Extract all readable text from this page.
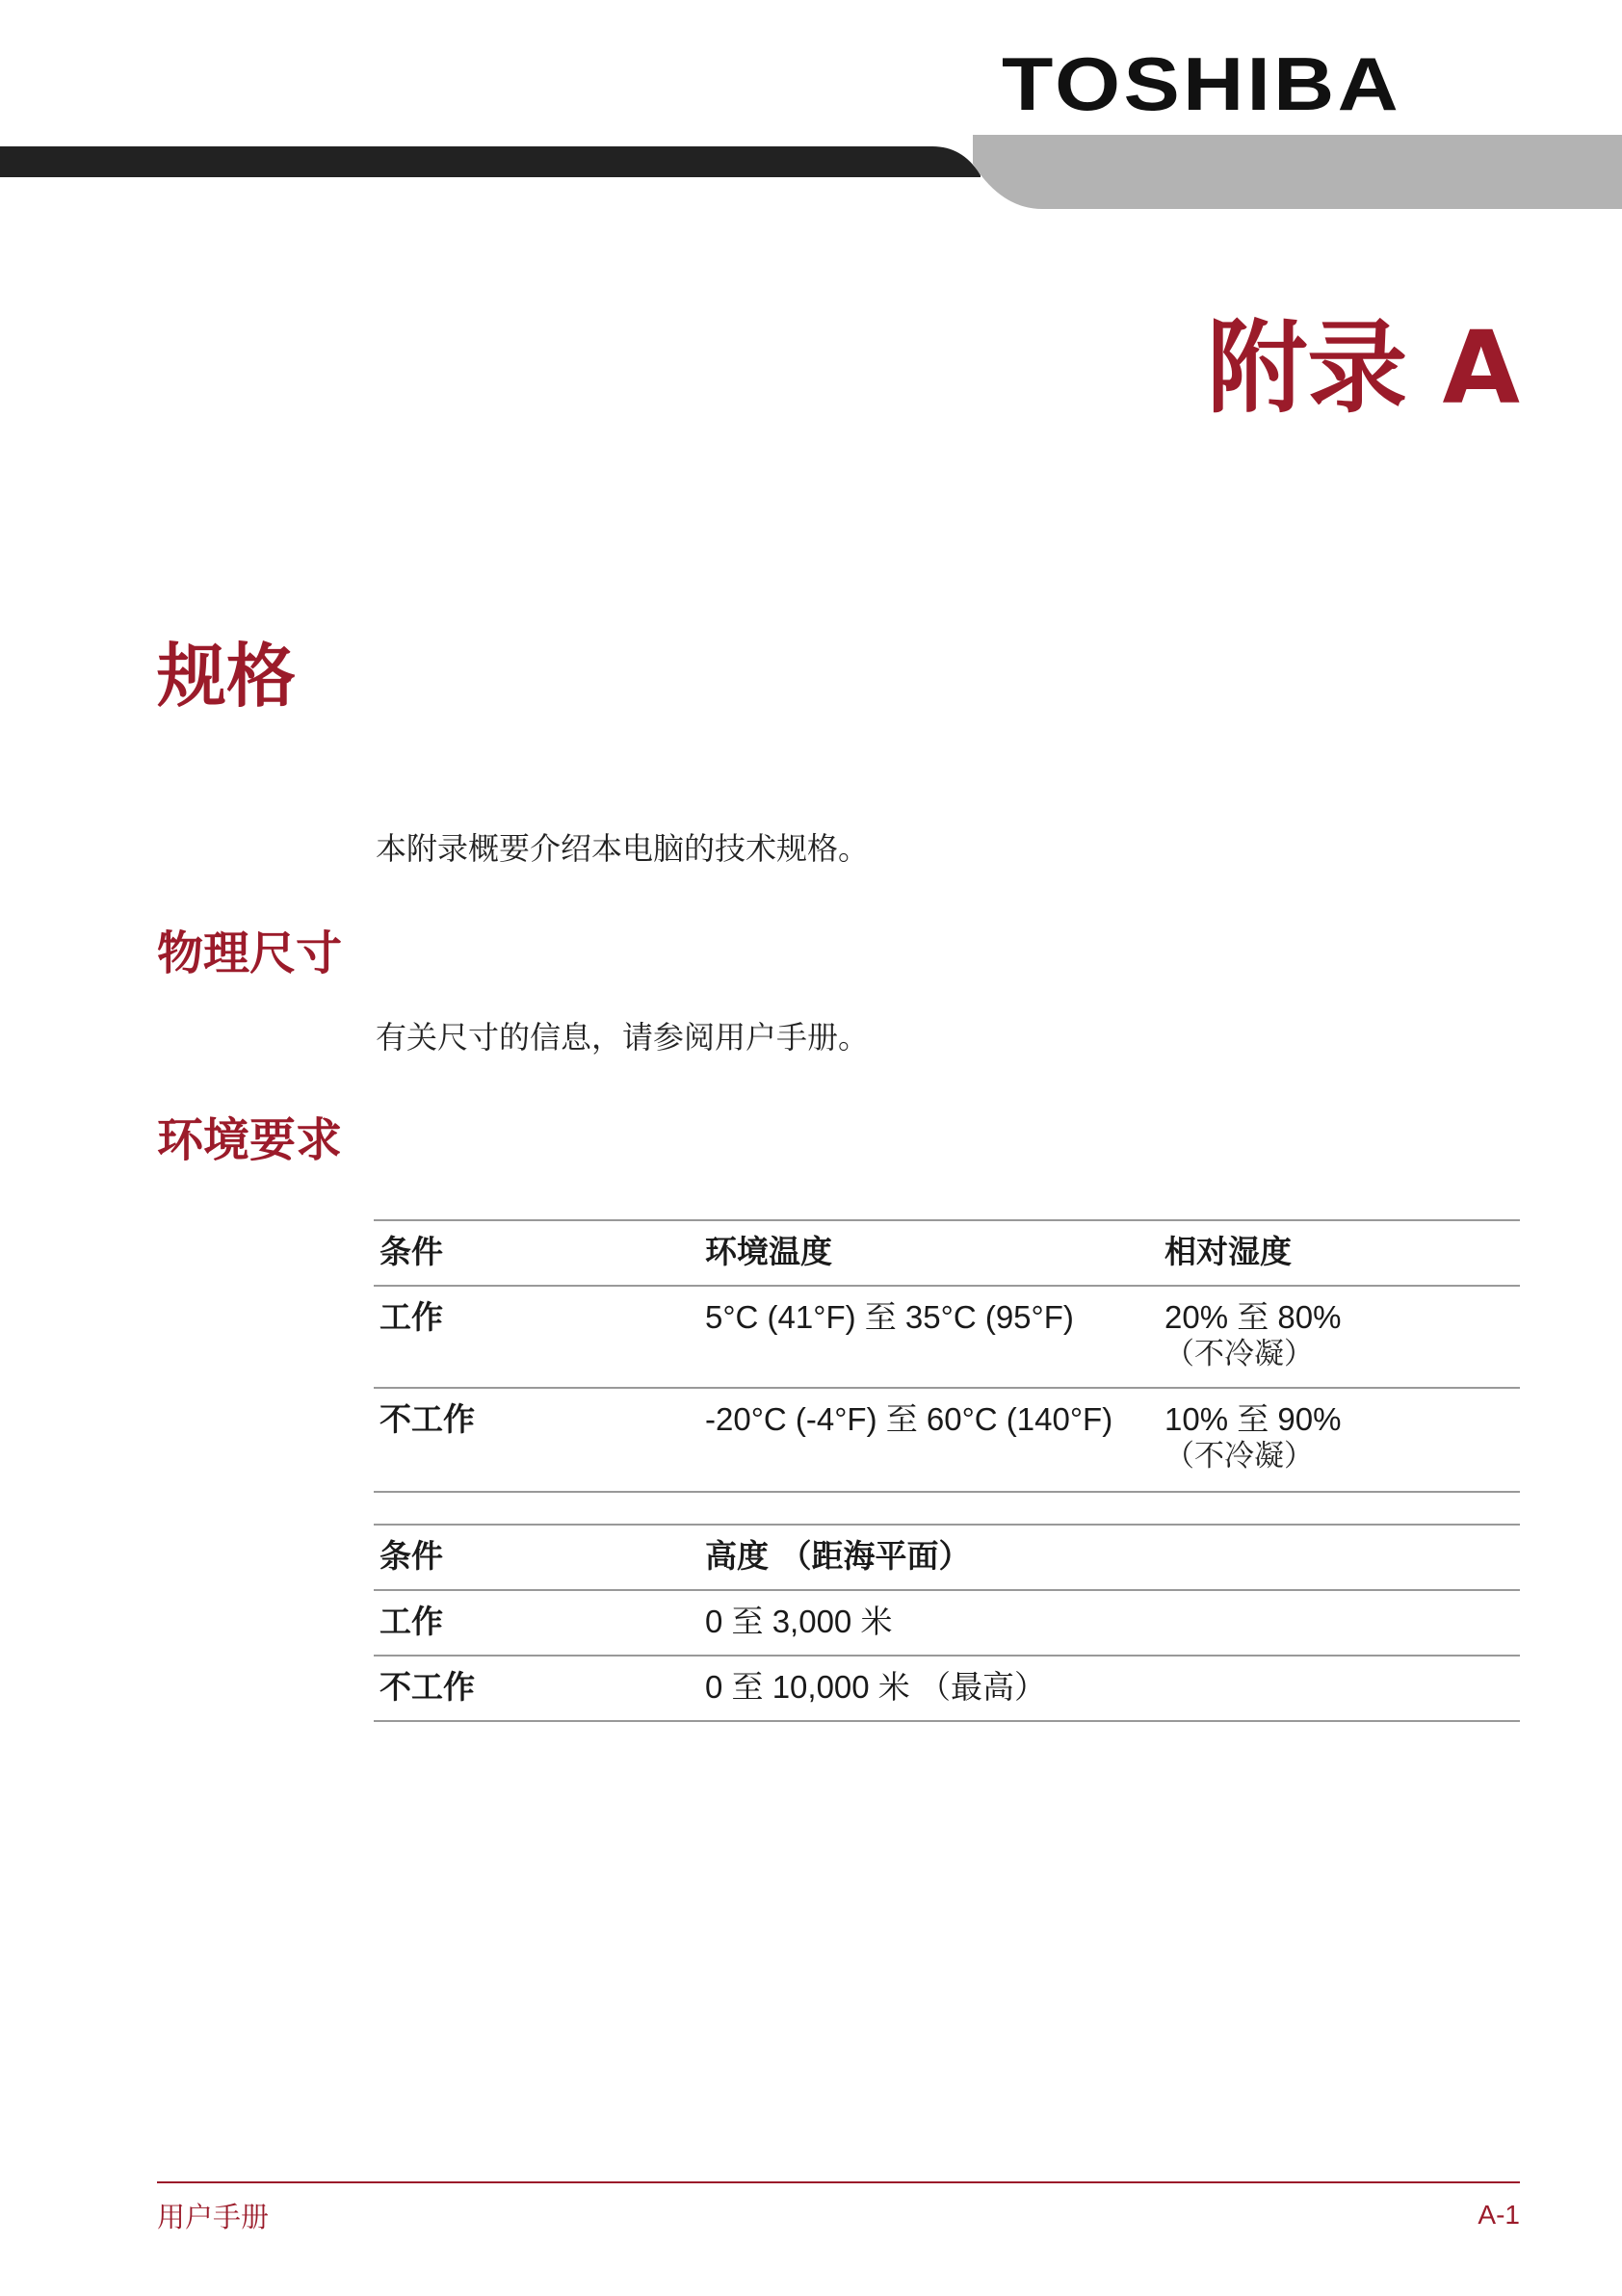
TOSHIBA
附录 A
规格
本附录概要介绍本电脑的技术规格。
物理尺寸
有关尺寸的信息，请参阅用户手册。
环境要求
条件	环境温度	相对湿度
工作	5°C (41°F) 至 35°C (95°F)	20% 至 80%
（不冷凝）

不工作	-20°C (-4°F) 至 60°C (140°F)	10% 至 90%
（不冷凝）
条件	高度 （距海平面）
工作	0 至 3,000 米
不工作	0 至 10,000 米 （最高）
用户手册	A-1
